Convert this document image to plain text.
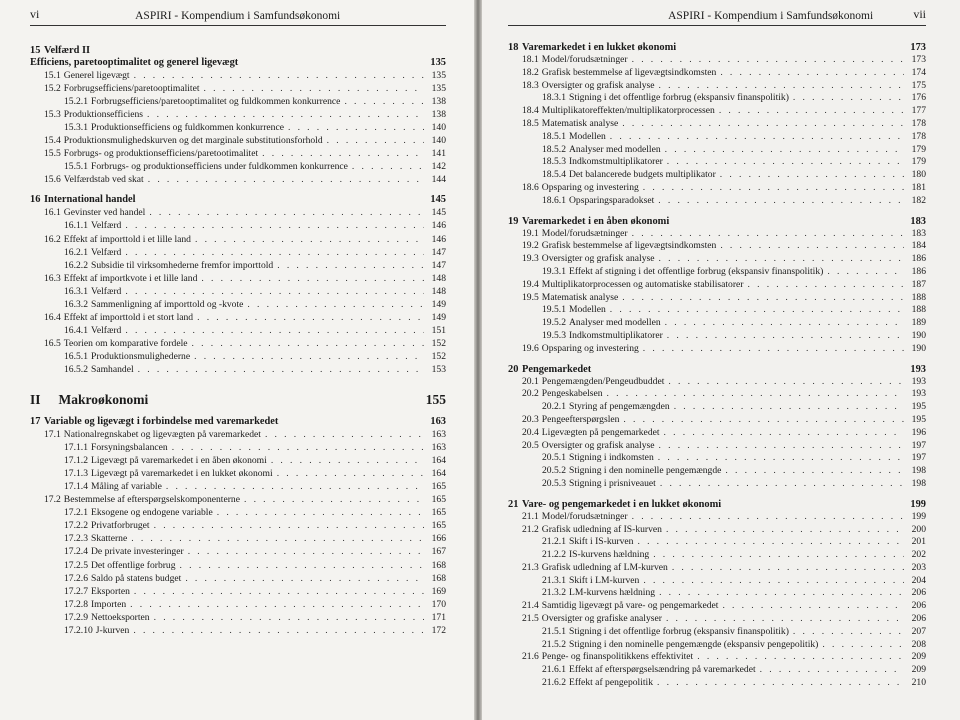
vi	ASPIRI - Kompendium i Samfundsøkonomi
15 Velfærd II
Efficiens, paretooptimalitet og generel ligevægt	135
15.1 Generel ligevægt . . .	135
15.2 Forbrugsefficiens/paretooptimalitet . . .	135
15.2.1 Forbrugsefficiens/paretooptimalitet og fuldkommen konkurrence . . .	138
15.3 Produktionsefficiens . . .	138
15.3.1 Produktionsefficiens og fuldkommen konkurrence . . .	140
15.4 Produktionsmulighedskurven og det marginale substitutionsforhold . . .	140
15.5 Forbrugs- og produktionsefficiens/paretootimalitet . . .	141
15.5.1 Forbrugs- og produktionsefficiens under fuldkommen konkurrence . . .	142
15.6 Velfærdstab ved skat . . .	144
16 International handel	145
16.1 Gevinster ved handel . . .	145
16.1.1 Velfærd . . .	146
16.2 Effekt af importtold i et lille land . . .	146
16.2.1 Velfærd . . .	147
16.2.2 Subsidie til virksomhederne fremfor importtold . . .	147
16.3 Effekt af importkvote i et lille land . . .	148
16.3.1 Velfærd . . .	148
16.3.2 Sammenligning af importtold og -kvote . . .	149
16.4 Effekt af importtold i et stort land . . .	149
16.4.1 Velfærd . . .	151
16.5 Teorien om komparative fordele . . .	152
16.5.1 Produktionsmulighederne . . .	152
16.5.2 Samhandel . . .	153
II Makroøkonomi	155
17 Variable og ligevægt i forbindelse med varemarkedet	163
17.1 Nationalregnskabet og ligevægten på varemarkedet . . .	163
17.1.1 Forsyningsbalancen . . .	163
17.1.2 Ligevægt på varemarkedet i en åben økonomi . . .	164
17.1.3 Ligevægt på varemarkedet i en lukket økonomi . . .	164
17.1.4 Måling af variable . . .	165
17.2 Bestemmelse af efterspørgselskomponenterne . . .	165
17.2.1 Eksogene og endogene variable . . .	165
17.2.2 Privatforbruget . . .	165
17.2.3 Skatterne . . .	166
17.2.4 De private investeringer . . .	167
17.2.5 Det offentlige forbrug . . .	168
17.2.6 Saldo på statens budget . . .	168
17.2.7 Eksporten . . .	169
17.2.8 Importen . . .	170
17.2.9 Nettoeksporten . . .	171
17.2.10 J-kurven . . .	172
ASPIRI - Kompendium i Samfundsøkonomi	vii
18 Varemarkedet i en lukket økonomi	173
18.1 Model/forudsætninger . . .	173
18.2 Grafisk bestemmelse af ligevægtsindkomsten . . .	174
18.3 Oversigter og grafisk analyse . . .	175
18.3.1 Stigning i det offentlige forbrug (ekspansiv finanspolitik) . . .	176
18.4 Multiplikatoreffekten/multiplikatorprocessen . . .	177
18.5 Matematisk analyse . . .	178
18.5.1 Modellen . . .	178
18.5.2 Analyser med modellen . . .	179
18.5.3 Indkomstmultiplikatorer . . .	179
18.5.4 Det balancerede budgets multiplikator . . .	180
18.6 Opsparing og investering . . .	181
18.6.1 Opsparingsparadokset . . .	182
19 Varemarkedet i en åben økonomi	183
19.1 Model/forudsætninger . . .	183
19.2 Grafisk bestemmelse af ligevægtsindkomsten . . .	184
19.3 Oversigter og grafisk analyse . . .	186
19.3.1 Effekt af stigning i det offentlige forbrug (ekspansiv finanspolitik) . . .	186
19.4 Multiplikatorprocessen og automatiske stabilisatorer . . .	187
19.5 Matematisk analyse . . .	188
19.5.1 Modellen . . .	188
19.5.2 Analyser med modellen . . .	189
19.5.3 Indkomstmultiplikatorer . . .	190
19.6 Opsparing og investering . . .	190
20 Pengemarkedet	193
20.1 Pengemængden/Pengeudbuddet . . .	193
20.2 Pengeskabelsen . . .	193
20.2.1 Styring af pengemængden . . .	195
20.3 Pengeefterspørgslen . . .	195
20.4 Ligevægten på pengemarkedet . . .	196
20.5 Oversigter og grafisk analyse . . .	197
20.5.1 Stigning i indkomsten . . .	197
20.5.2 Stigning i den nominelle pengemængde . . .	198
20.5.3 Stigning i prisniveauet . . .	198
21 Vare- og pengemarkedet i en lukket økonomi	199
21.1 Model/forudsætninger . . .	199
21.2 Grafisk udledning af IS-kurven . . .	200
21.2.1 Skift i IS-kurven . . .	201
21.2.2 IS-kurvens hældning . . .	202
21.3 Grafisk udledning af LM-kurven . . .	203
21.3.1 Skift i LM-kurven . . .	204
21.3.2 LM-kurvens hældning . . .	206
21.4 Samtidig ligevægt på vare- og pengemarkedet . . .	206
21.5 Oversigter og grafiske analyser . . .	206
21.5.1 Stigning i det offentlige forbrug (ekspansiv finanspolitik) . . .	207
21.5.2 Stigning i den nominelle pengemængde (ekspansiv pengepolitik) . . .	208
21.6 Penge- og finanspolitikkens effektivitet . . .	209
21.6.1 Effekt af efterspørgselsændring på varemarkedet . . .	209
21.6.2 Effekt af pengepolitik . . .	210
